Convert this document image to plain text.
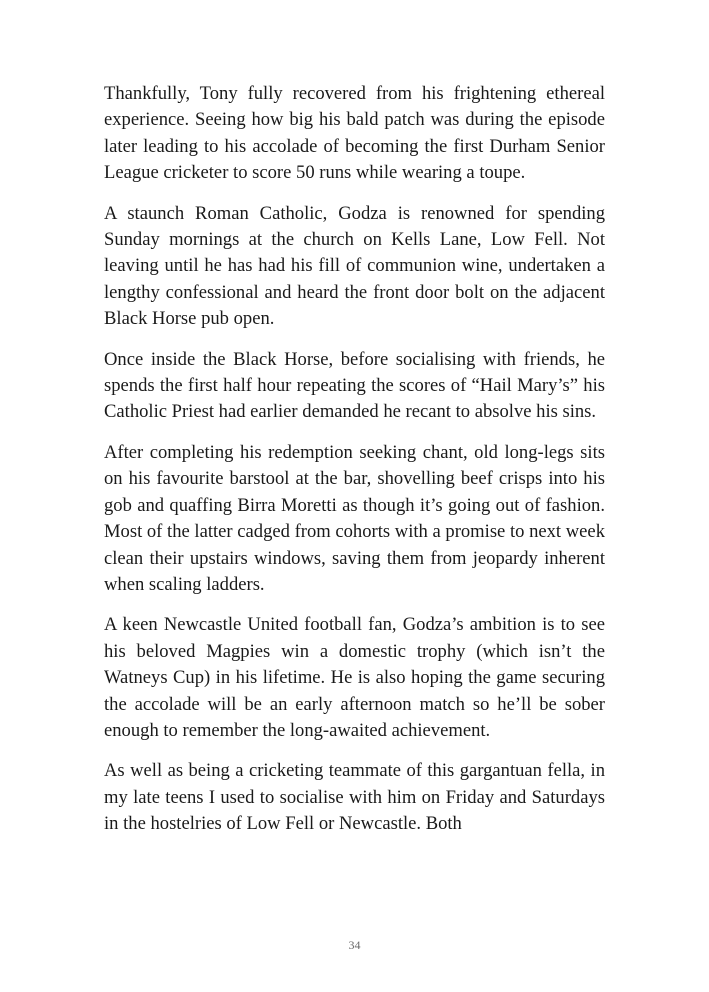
Thankfully, Tony fully recovered from his frightening ethereal experience. Seeing how big his bald patch was during the episode later leading to his accolade of becoming the first Durham Senior League cricketer to score 50 runs while wearing a toupe.

A staunch Roman Catholic, Godza is renowned for spending Sunday mornings at the church on Kells Lane, Low Fell. Not leaving until he has had his fill of communion wine, undertaken a lengthy confessional and heard the front door bolt on the adjacent Black Horse pub open.

Once inside the Black Horse, before socialising with friends, he spends the first half hour repeating the scores of “Hail Mary’s” his Catholic Priest had earlier demanded he recant to absolve his sins.

After completing his redemption seeking chant, old long-legs sits on his favourite barstool at the bar, shovelling beef crisps into his gob and quaffing Birra Moretti as though it’s going out of fashion. Most of the latter cadged from cohorts with a promise to next week clean their upstairs windows, saving them from jeopardy inherent when scaling ladders.

A keen Newcastle United football fan, Godza’s ambition is to see his beloved Magpies win a domestic trophy (which isn’t the Watneys Cup) in his lifetime. He is also hoping the game securing the accolade will be an early afternoon match so he’ll be sober enough to remember the long-awaited achievement.

As well as being a cricketing teammate of this gargantuan fella, in my late teens I used to socialise with him on Friday and Saturdays in the hostelries of Low Fell or Newcastle. Both

34
